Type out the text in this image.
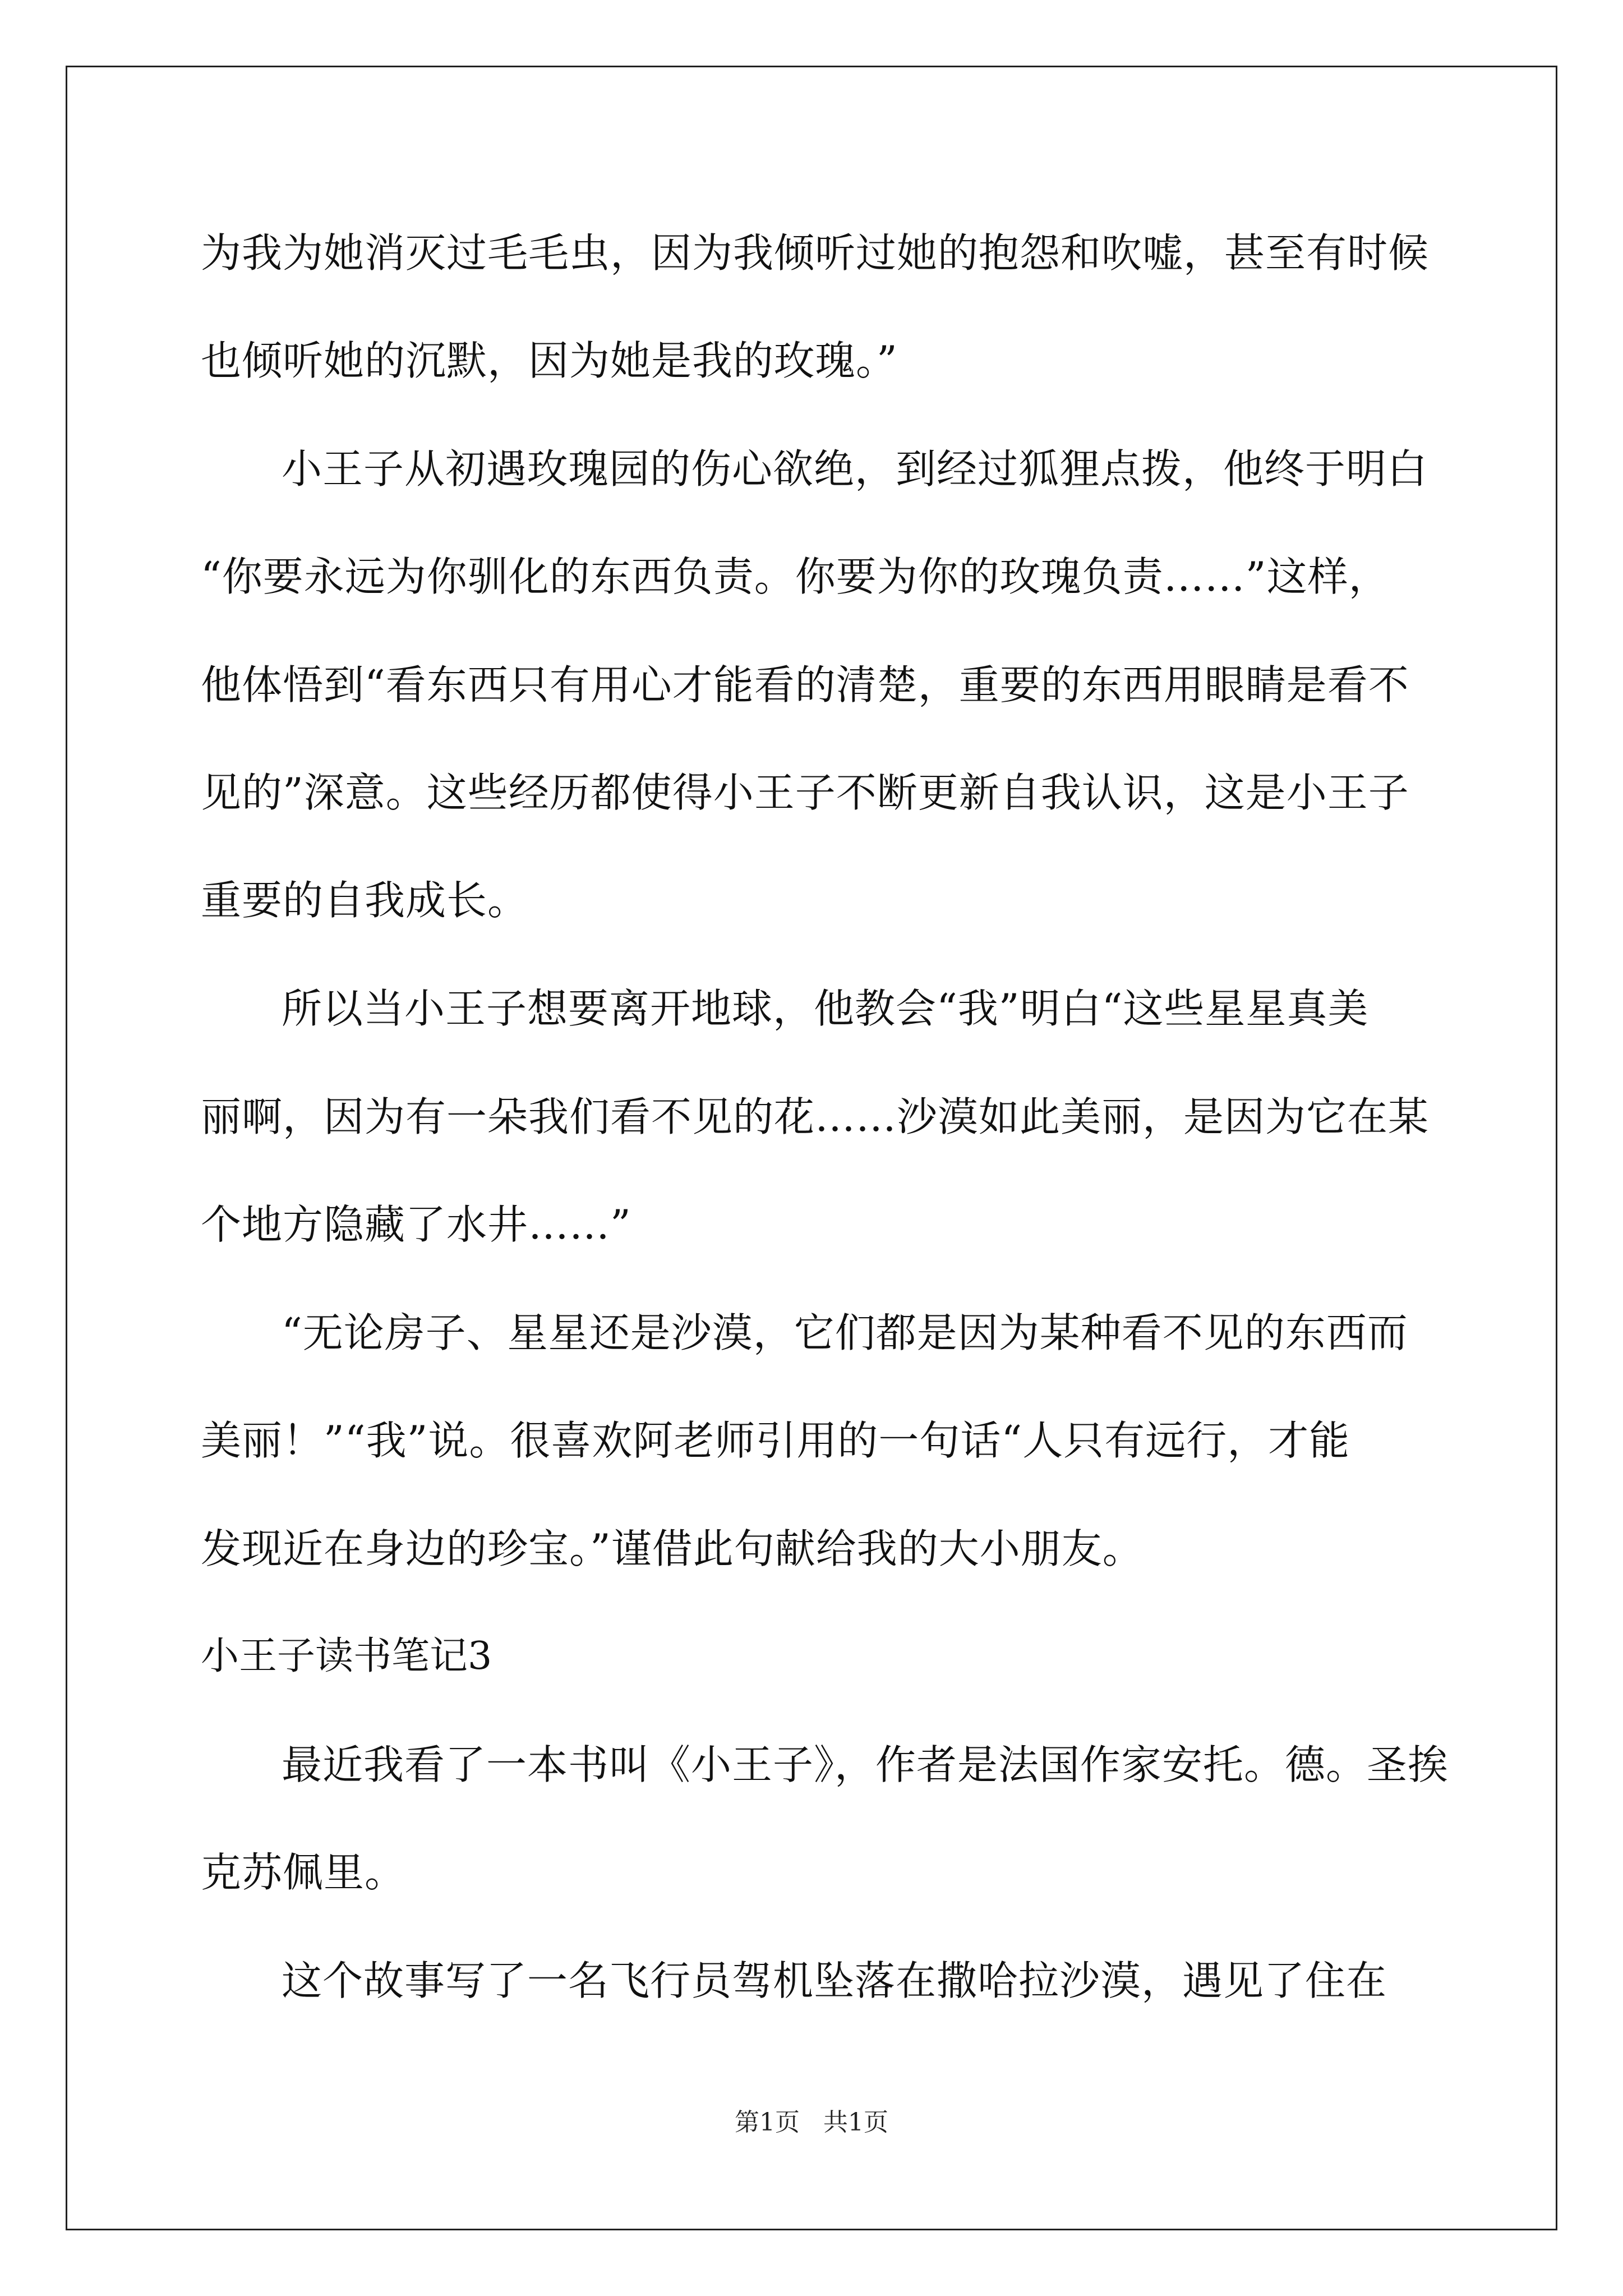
为我为她消灭过毛毛虫，因为我倾听过她的抱怨和吹嘘，甚至有时候
也倾听她的沉默，因为她是我的玫瑰。”
小王子从初遇玫瑰园的伤心欲绝，到经过狐狸点拨，他终于明白
“你要永远为你驯化的东西负责。你要为你的玫瑰负责……”这样，
他体悟到“看东西只有用心才能看的清楚，重要的东西用眼睛是看不
见的”深意。这些经历都使得小王子不断更新自我认识，这是小王子
重要的自我成长。
所以当小王子想要离开地球，他教会“我”明白“这些星星真美
丽啊，因为有一朵我们看不见的花……沙漠如此美丽，是因为它在某
个地方隐藏了水井……”
“无论房子、星星还是沙漠，它们都是因为某种看不见的东西而
美丽！”“我”说。很喜欢阿老师引用的一句话“人只有远行，才能
发现近在身边的珍宝。”谨借此句献给我的大小朋友。
小王子读书笔记3
最近我看了一本书叫《小王子》，作者是法国作家安托。德。圣挨
克苏佩里。
这个故事写了一名飞行员驾机坠落在撒哈拉沙漠，遇见了住在
第1页 共1页
